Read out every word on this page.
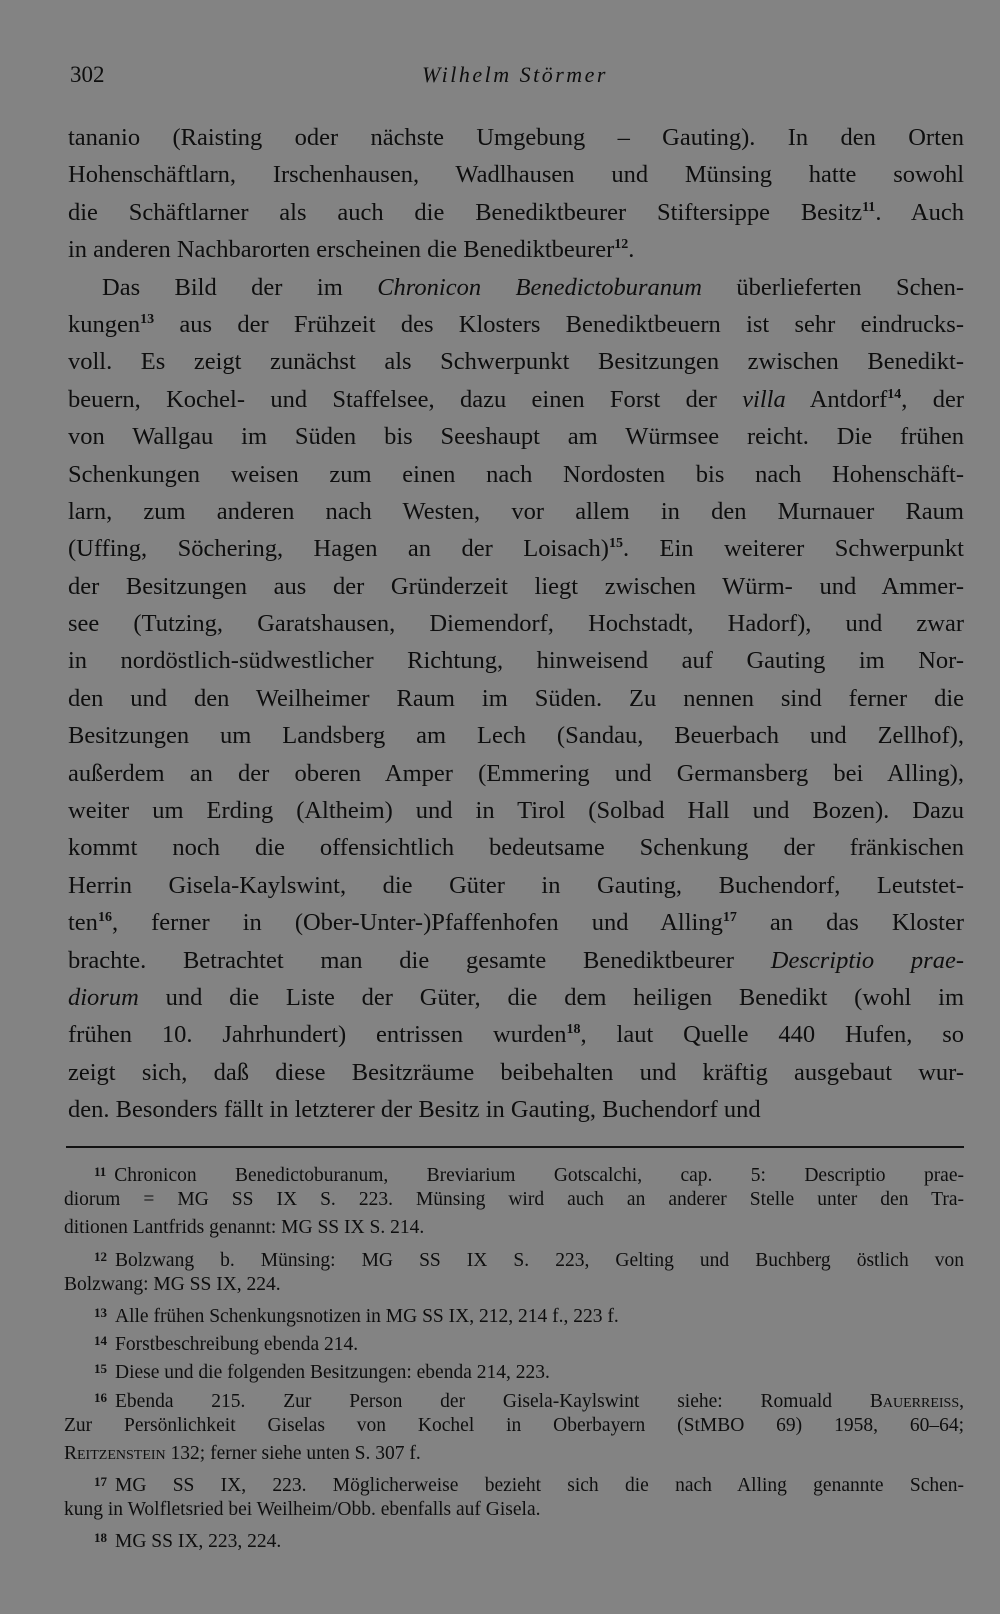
302	Wilhelm Störmer
tananio (Raisting oder nächste Umgebung – Gauting). In den Orten
Hohenschäftlarn, Irschenhausen, Wadlhausen und Münsing hatte sowohl
die Schäftlarner als auch die Benediktbeurer Stiftersippe Besitz$^{11}$. Auch
in anderen Nachbarorten erscheinen die Benediktbeurer$^{12}$.
Das Bild der im Chronicon Benedictoburanum überlieferten Schen-
kungen$^{13}$ aus der Frühzeit des Klosters Benediktbeuern ist sehr eindrucks-
voll. Es zeigt zunächst als Schwerpunkt Besitzungen zwischen Benedikt-
beuern, Kochel- und Staffelsee, dazu einen Forst der villa Antdorf$^{14}$, der
von Wallgau im Süden bis Seeshaupt am Würmsee reicht. Die frühen
Schenkungen weisen zum einen nach Nordosten bis nach Hohenschäft-
larn, zum anderen nach Westen, vor allem in den Murnauer Raum
(Uffing, Söchering, Hagen an der Loisach)$^{15}$. Ein weiterer Schwerpunkt
der Besitzungen aus der Gründerzeit liegt zwischen Würm- und Ammer-
see (Tutzing, Garatshausen, Diemendorf, Hochstadt, Hadorf), und zwar
in nordöstlich-südwestlicher Richtung, hinweisend auf Gauting im Nor-
den und den Weilheimer Raum im Süden. Zu nennen sind ferner die
Besitzungen um Landsberg am Lech (Sandau, Beuerbach und Zellhof),
außerdem an der oberen Amper (Emmering und Germansberg bei Alling),
weiter um Erding (Altheim) und in Tirol (Solbad Hall und Bozen). Dazu
kommt noch die offensichtlich bedeutsame Schenkung der fränkischen
Herrin Gisela-Kaylswint, die Güter in Gauting, Buchendorf, Leutstet-
ten$^{16}$, ferner in (Ober-Unter-)Pfaffenhofen und Alling$^{17}$ an das Kloster
brachte. Betrachtet man die gesamte Benediktbeurer Descriptio prae-
diorum und die Liste der Güter, die dem heiligen Benedikt (wohl im
frühen 10. Jahrhundert) entrissen wurden$^{18}$, laut Quelle 440 Hufen, so
zeigt sich, daß diese Besitzräume beibehalten und kräftig ausgebaut wur-
den. Besonders fällt in letzterer der Besitz in Gauting, Buchendorf und
11 Chronicon Benedictoburanum, Breviarium Gotscalchi, cap. 5: Descriptio prae-
diorum = MG SS IX S. 223. Münsing wird auch an anderer Stelle unter den Tra-
ditionen Lantfrids genannt: MG SS IX S. 214.
12 Bolzwang b. Münsing: MG SS IX S. 223, Gelting und Buchberg östlich von
Bolzwang: MG SS IX, 224.
13 Alle frühen Schenkungsnotizen in MG SS IX, 212, 214 f., 223 f.
14 Forstbeschreibung ebenda 214.
15 Diese und die folgenden Besitzungen: ebenda 214, 223.
16 Ebenda 215. Zur Person der Gisela-Kaylswint siehe: Romuald Bauerreiss,
Zur Persönlichkeit Giselas von Kochel in Oberbayern (StMBO 69) 1958, 60–64;
Reitzenstein 132; ferner siehe unten S. 307 f.
17 MG SS IX, 223. Möglicherweise bezieht sich die nach Alling genannte Schen-
kung in Wolfletsried bei Weilheim/Obb. ebenfalls auf Gisela.
18 MG SS IX, 223, 224.
